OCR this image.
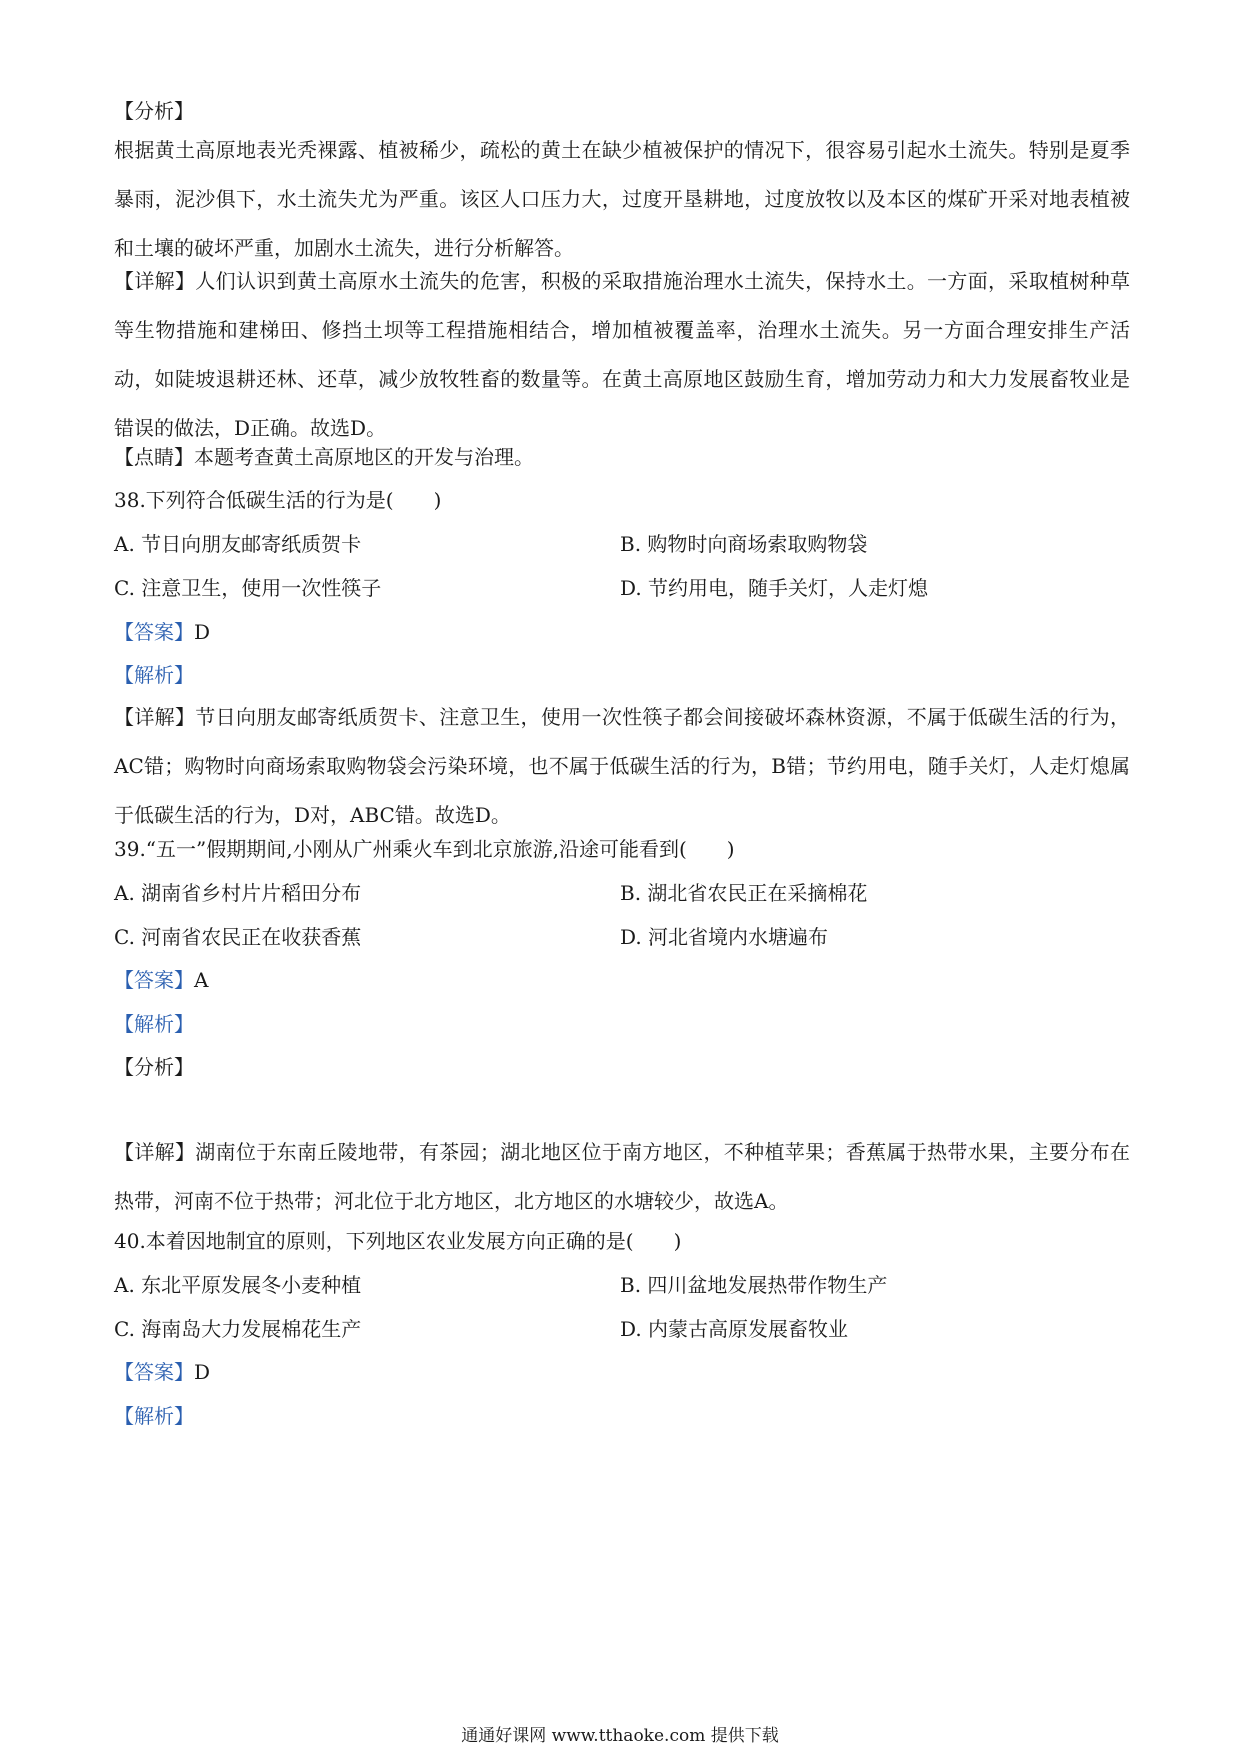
【分析】
根据黄土高原地表光秃裸露、植被稀少，疏松的黄土在缺少植被保护的情况下，很容易引起水土流失。特别是夏季暴雨，泥沙俱下，水土流失尤为严重。该区人口压力大，过度开垦耕地，过度放牧以及本区的煤矿开采对地表植被和土壤的破坏严重，加剧水土流失，进行分析解答。
【详解】人们认识到黄土高原水土流失的危害，积极的采取措施治理水土流失，保持水土。一方面，采取植树种草等生物措施和建梯田、修挡土坝等工程措施相结合，增加植被覆盖率，治理水土流失。另一方面合理安排生产活动，如陡坡退耕还林、还草，减少放牧牲畜的数量等。在黄土高原地区鼓励生育，增加劳动力和大力发展畜牧业是错误的做法，D正确。故选D。
【点睛】本题考查黄土高原地区的开发与治理。
38.下列符合低碳生活的行为是(　　)
A. 节日向朋友邮寄纸质贺卡	B. 购物时向商场索取购物袋
C. 注意卫生，使用一次性筷子	D. 节约用电，随手关灯，人走灯熄
【答案】D
【解析】
【详解】节日向朋友邮寄纸质贺卡、注意卫生，使用一次性筷子都会间接破坏森林资源，不属于低碳生活的行为，AC错；购物时向商场索取购物袋会污染环境，也不属于低碳生活的行为，B错；节约用电，随手关灯，人走灯熄属于低碳生活的行为，D对，ABC错。故选D。
39.“五一”假期期间,小刚从广州乘火车到北京旅游,沿途可能看到(　　)
A. 湖南省乡村片片稻田分布	B. 湖北省农民正在采摘棉花
C. 河南省农民正在收获香蕉	D. 河北省境内水塘遍布
【答案】A
【解析】
【分析】
【详解】湖南位于东南丘陵地带，有茶园；湖北地区位于南方地区，不种植苹果；香蕉属于热带水果，主要分布在热带，河南不位于热带；河北位于北方地区，北方地区的水塘较少，故选A。
40.本着因地制宜的原则，下列地区农业发展方向正确的是(　　)
A. 东北平原发展冬小麦种植	B. 四川盆地发展热带作物生产
C. 海南岛大力发展棉花生产	D. 内蒙古高原发展畜牧业
【答案】D
【解析】
通通好课网 www.tthaoke.com 提供下载
